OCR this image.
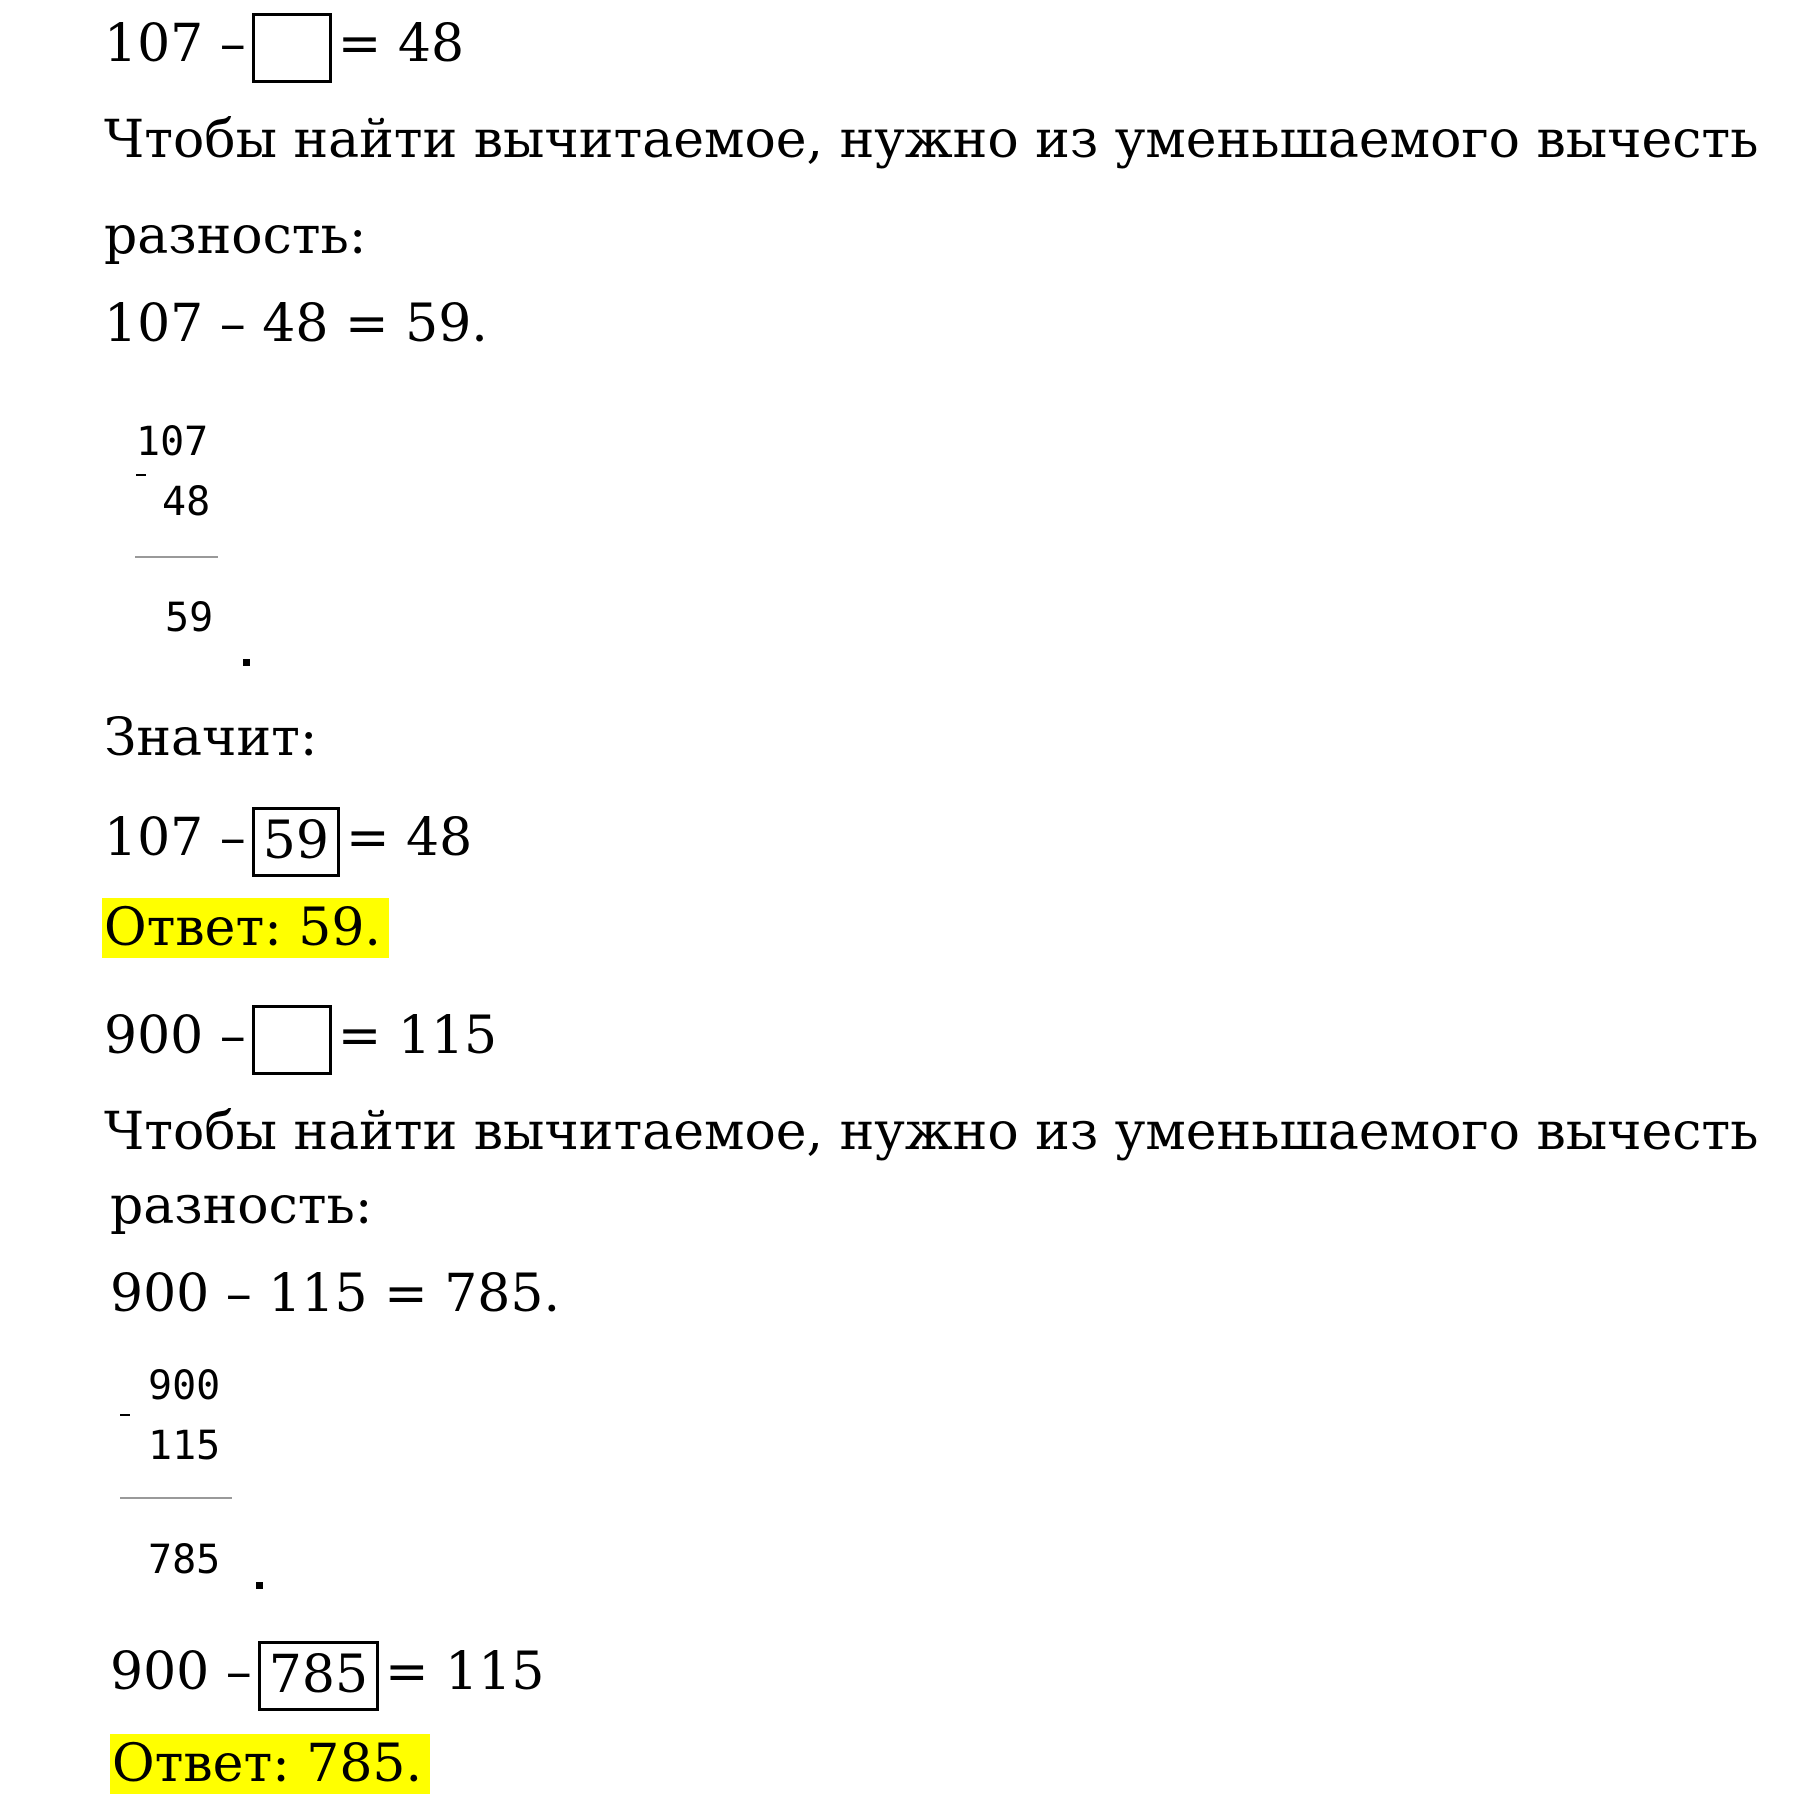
107 – = 48
Чтобы найти вычитаемое, нужно из уменьшаемого вычесть
разность:
107 – 48 = 59.
107
48
59
Значит:
107 – 59 = 48
Ответ: 59.
900 – = 115
Чтобы найти вычитаемое, нужно из уменьшаемого вычесть
разность:
900 – 115 = 785.
900
115
785
900 – 785 = 115
Ответ: 785.
